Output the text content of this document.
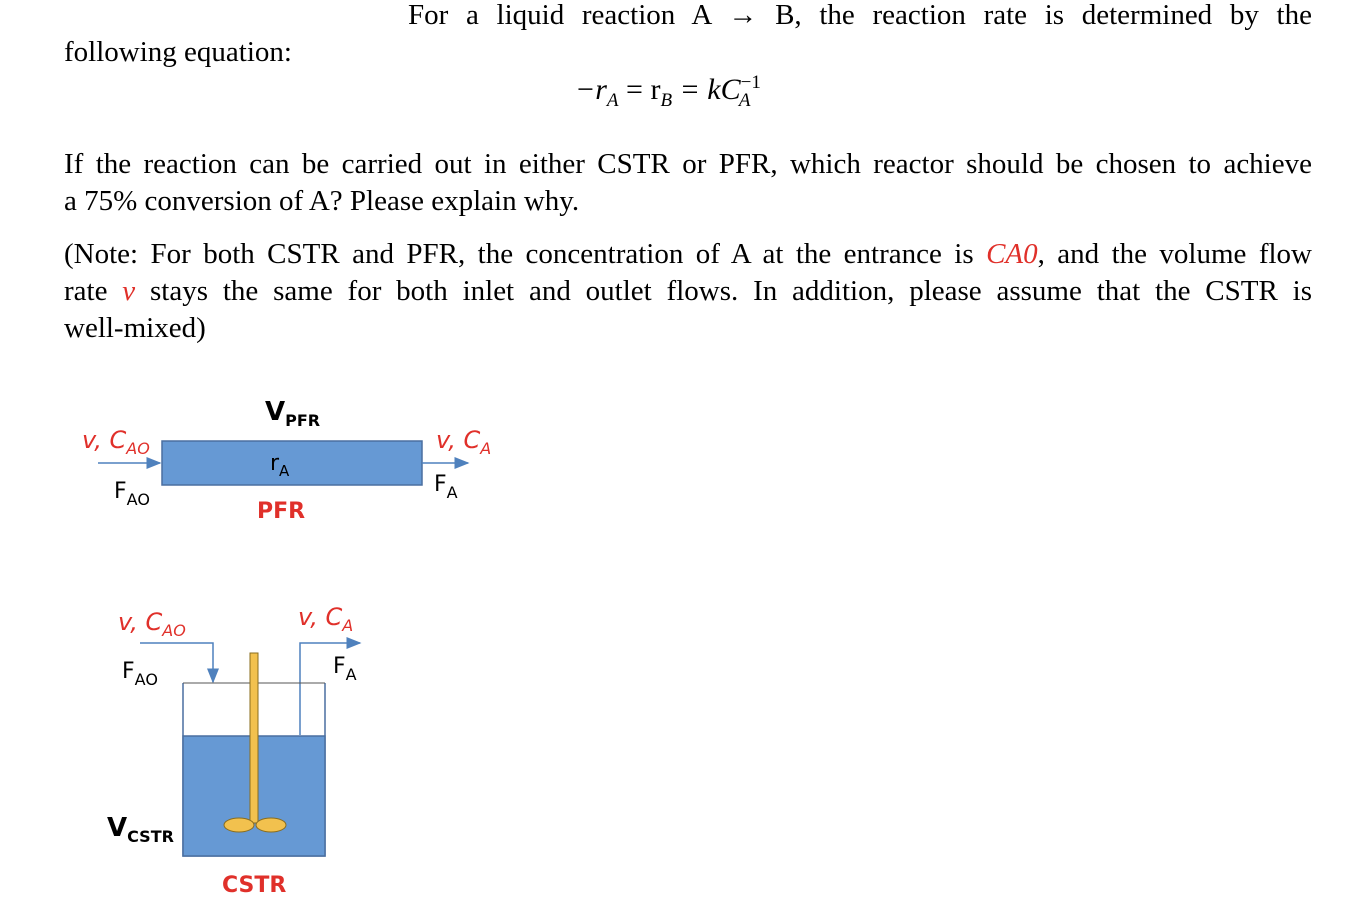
For a liquid reaction A → B, the reaction rate is determined by the
following equation:
$-r_A = r_B = kC^{-1}_A$
If the reaction can be carried out in either CSTR or PFR, which reactor should be chosen to achieve
a 75% conversion of A? Please explain why.
(Note: For both CSTR and PFR, the concentration of A at the entrance is CA0, and the volume flow
rate v stays the same for both inlet and outlet flows. In addition, please assume that the CSTR is
well-mixed)
$V_{PFR}$
v, $C_{AO}$
$F_{AO}$
$r_A$
PFR
v, $C_A$
$F_A$
v, $C_{AO}$
$F_{AO}$
v, $C_A$
$F_A$
$V_{CSTR}$
CSTR
